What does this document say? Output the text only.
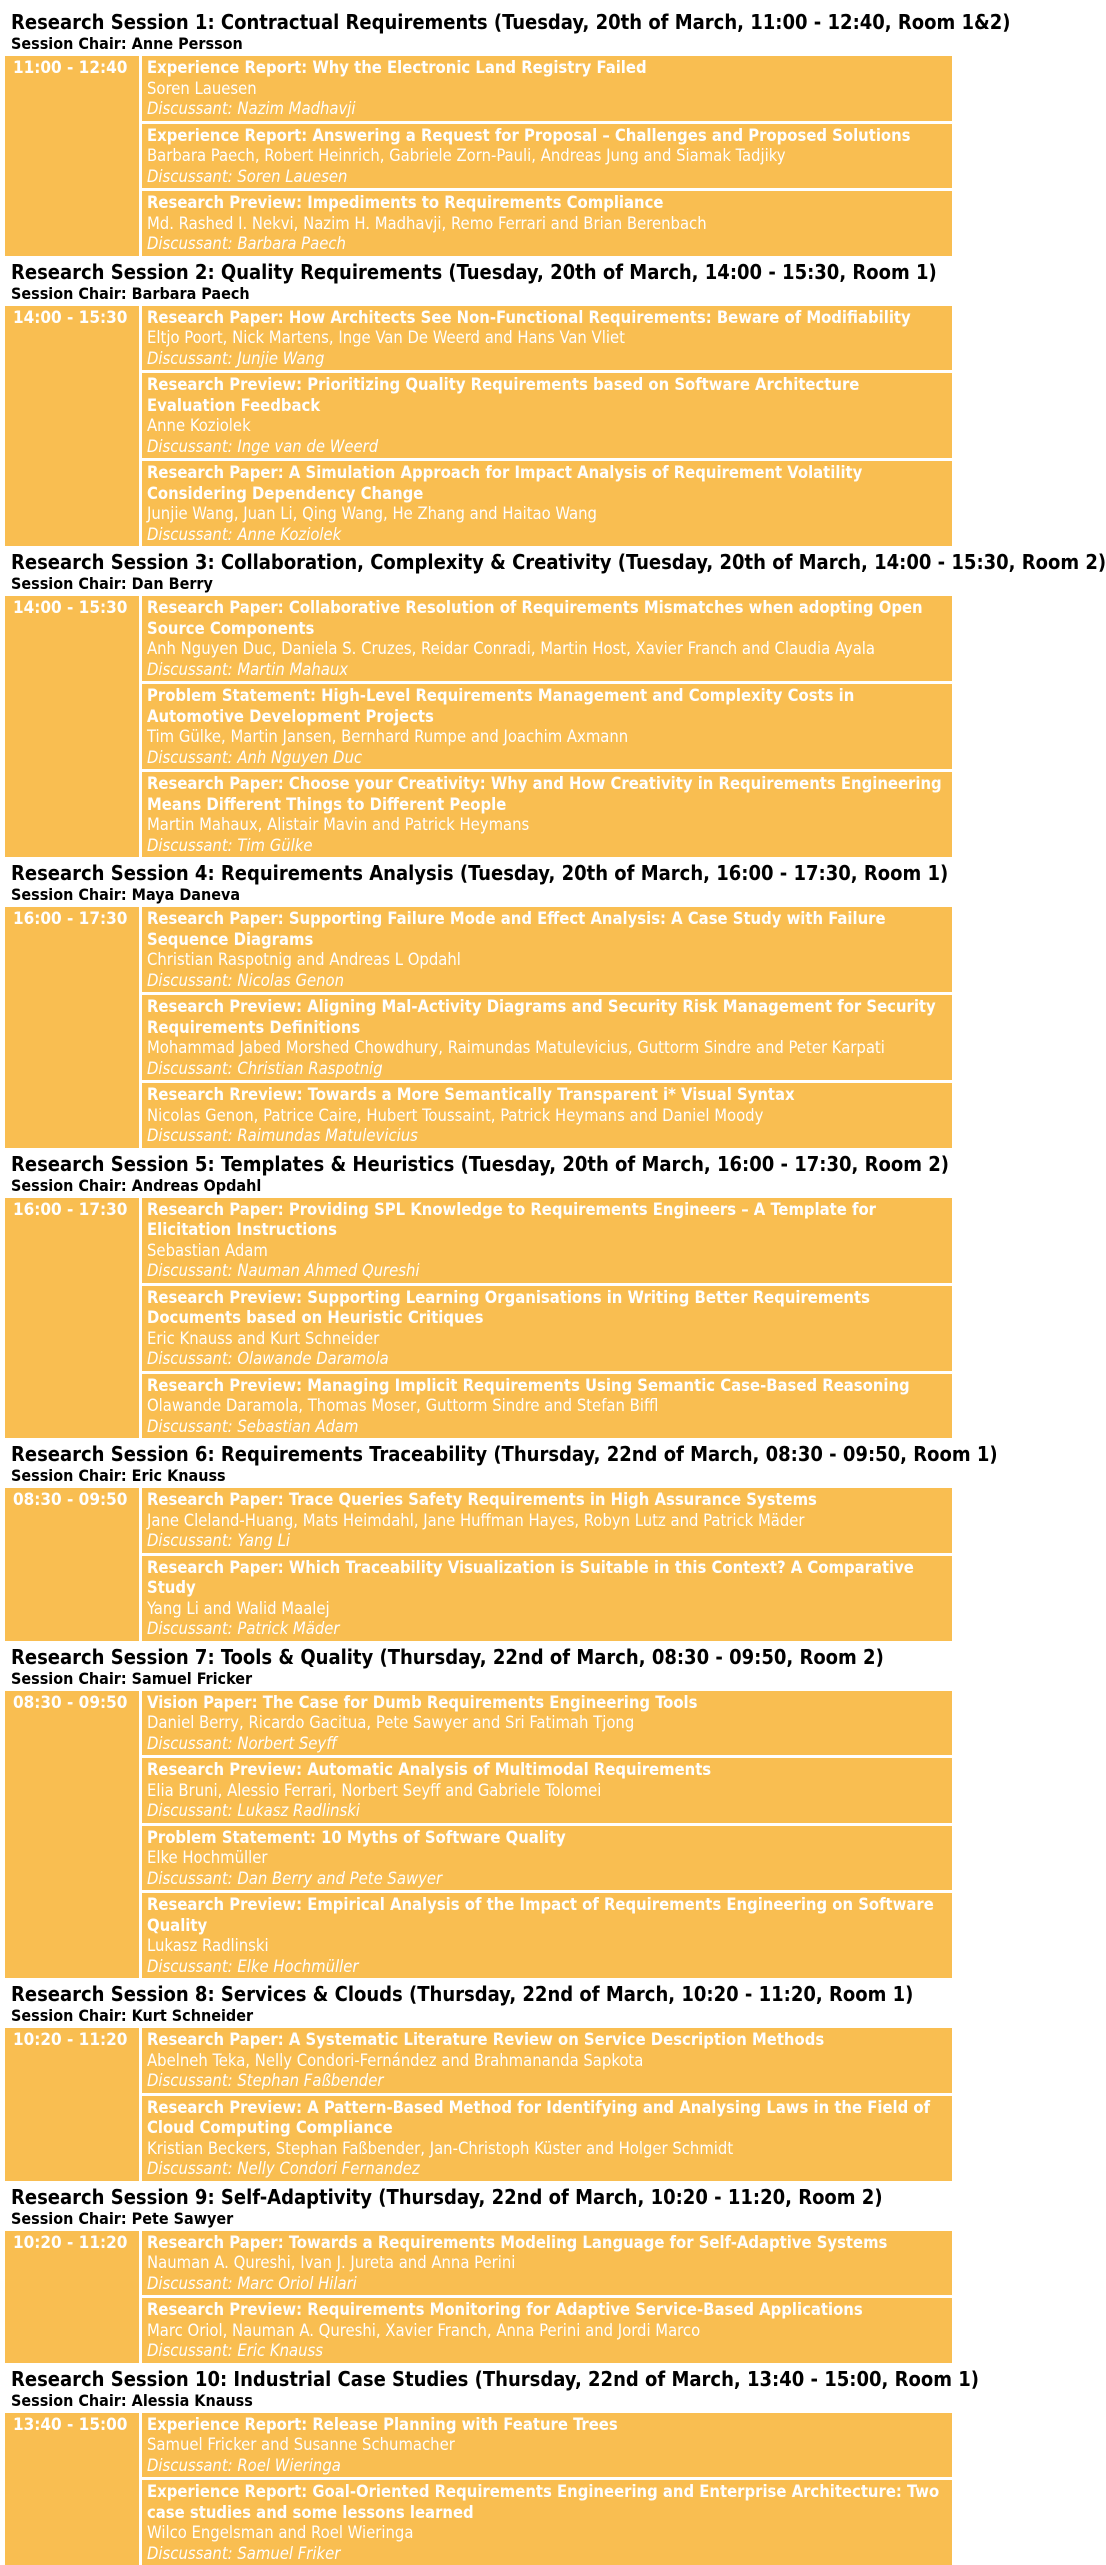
Research Session 1: Contractual Requirements (Tuesday, 20th of March, 11:00 - 12:40, Room 1&2)
Session Chair: Anne Persson
11:00 - 12:40	Experience Report: Why the Electronic Land Registry Failed
Soren Lauesen
Discussant: Nazim Madhavji
Experience Report: Answering a Request for Proposal – Challenges and Proposed Solutions
Barbara Paech, Robert Heinrich, Gabriele Zorn-Pauli, Andreas Jung and Siamak Tadjiky
Discussant: Soren Lauesen
Research Preview: Impediments to Requirements Compliance
Md. Rashed I. Nekvi, Nazim H. Madhavji, Remo Ferrari and Brian Berenbach
Discussant: Barbara Paech
Research Session 2: Quality Requirements (Tuesday, 20th of March, 14:00 - 15:30, Room 1)
Session Chair: Barbara Paech
14:00 - 15:30	Research Paper: How Architects See Non-Functional Requirements: Beware of Modifiability
Eltjo Poort, Nick Martens, Inge Van De Weerd and Hans Van Vliet
Discussant: Junjie Wang
Research Preview: Prioritizing Quality Requirements based on Software Architecture Evaluation Feedback
Anne Koziolek
Discussant: Inge van de Weerd
Research Paper: A Simulation Approach for Impact Analysis of Requirement Volatility Considering Dependency Change
Junjie Wang, Juan Li, Qing Wang, He Zhang and Haitao Wang
Discussant: Anne Koziolek
Research Session 3: Collaboration, Complexity & Creativity (Tuesday, 20th of March, 14:00 - 15:30, Room 2)
Session Chair: Dan Berry
14:00 - 15:30	Research Paper: Collaborative Resolution of Requirements Mismatches when adopting Open Source Components
Anh Nguyen Duc, Daniela S. Cruzes, Reidar Conradi, Martin Host, Xavier Franch and Claudia Ayala
Discussant: Martin Mahaux
Problem Statement: High-Level Requirements Management and Complexity Costs in Automotive Development Projects
Tim Gülke, Martin Jansen, Bernhard Rumpe and Joachim Axmann
Discussant: Anh Nguyen Duc
Research Paper: Choose your Creativity: Why and How Creativity in Requirements Engineering Means Different Things to Different People
Martin Mahaux, Alistair Mavin and Patrick Heymans
Discussant: Tim Gülke
Research Session 4: Requirements Analysis (Tuesday, 20th of March, 16:00 - 17:30, Room 1)
Session Chair: Maya Daneva
16:00 - 17:30	Research Paper: Supporting Failure Mode and Effect Analysis: A Case Study with Failure Sequence Diagrams
Christian Raspotnig and Andreas L Opdahl
Discussant: Nicolas Genon
Research Preview: Aligning Mal-Activity Diagrams and Security Risk Management for Security Requirements Definitions
Mohammad Jabed Morshed Chowdhury, Raimundas Matulevicius, Guttorm Sindre and Peter Karpati
Discussant: Christian Raspotnig
Research Rreview: Towards a More Semantically Transparent i* Visual Syntax
Nicolas Genon, Patrice Caire, Hubert Toussaint, Patrick Heymans and Daniel Moody
Discussant: Raimundas Matulevicius
Research Session 5: Templates & Heuristics (Tuesday, 20th of March, 16:00 - 17:30, Room 2)
Session Chair: Andreas Opdahl
16:00 - 17:30	Research Paper: Providing SPL Knowledge to Requirements Engineers – A Template for Elicitation Instructions
Sebastian Adam
Discussant: Nauman Ahmed Qureshi
Research Preview: Supporting Learning Organisations in Writing Better Requirements Documents based on Heuristic Critiques
Eric Knauss and Kurt Schneider
Discussant: Olawande Daramola
Research Preview: Managing Implicit Requirements Using Semantic Case-Based Reasoning
Olawande Daramola, Thomas Moser, Guttorm Sindre and Stefan Biffl
Discussant: Sebastian Adam
Research Session 6: Requirements Traceability (Thursday, 22nd of March, 08:30 - 09:50, Room 1)
Session Chair: Eric Knauss
08:30 - 09:50	Research Paper: Trace Queries Safety Requirements in High Assurance Systems
Jane Cleland-Huang, Mats Heimdahl, Jane Huffman Hayes, Robyn Lutz and Patrick Mäder
Discussant: Yang Li
Research Paper: Which Traceability Visualization is Suitable in this Context? A Comparative Study
Yang Li and Walid Maalej
Discussant: Patrick Mäder
Research Session 7: Tools & Quality (Thursday, 22nd of March, 08:30 - 09:50, Room 2)
Session Chair: Samuel Fricker
08:30 - 09:50	Vision Paper: The Case for Dumb Requirements Engineering Tools
Daniel Berry, Ricardo Gacitua, Pete Sawyer and Sri Fatimah Tjong
Discussant: Norbert Seyff
Research Preview: Automatic Analysis of Multimodal Requirements
Elia Bruni, Alessio Ferrari, Norbert Seyff and Gabriele Tolomei
Discussant: Lukasz Radlinski
Problem Statement: 10 Myths of Software Quality
Elke Hochmüller
Discussant: Dan Berry and Pete Sawyer
Research Preview: Empirical Analysis of the Impact of Requirements Engineering on Software Quality
Lukasz Radlinski
Discussant: Elke Hochmüller
Research Session 8: Services & Clouds (Thursday, 22nd of March, 10:20 - 11:20, Room 1)
Session Chair: Kurt Schneider
10:20 - 11:20	Research Paper: A Systematic Literature Review on Service Description Methods
Abelneh Teka, Nelly Condori-Fernández and Brahmananda Sapkota
Discussant: Stephan Faßbender
Research Preview: A Pattern-Based Method for Identifying and Analysing Laws in the Field of Cloud Computing Compliance
Kristian Beckers, Stephan Faßbender, Jan-Christoph Küster and Holger Schmidt
Discussant: Nelly Condori Fernandez
Research Session 9: Self-Adaptivity (Thursday, 22nd of March, 10:20 - 11:20, Room 2)
Session Chair: Pete Sawyer
10:20 - 11:20	Research Paper: Towards a Requirements Modeling Language for Self-Adaptive Systems
Nauman A. Qureshi, Ivan J. Jureta and Anna Perini
Discussant: Marc Oriol Hilari
Research Preview: Requirements Monitoring for Adaptive Service-Based Applications
Marc Oriol, Nauman A. Qureshi, Xavier Franch, Anna Perini and Jordi Marco
Discussant: Eric Knauss
Research Session 10: Industrial Case Studies (Thursday, 22nd of March, 13:40 - 15:00, Room 1)
Session Chair: Alessia Knauss
13:40 - 15:00	Experience Report: Release Planning with Feature Trees
Samuel Fricker and Susanne Schumacher
Discussant: Roel Wieringa
Experience Report: Goal-Oriented Requirements Engineering and Enterprise Architecture: Two case studies and some lessons learned
Wilco Engelsman and Roel Wieringa
Discussant: Samuel Friker
